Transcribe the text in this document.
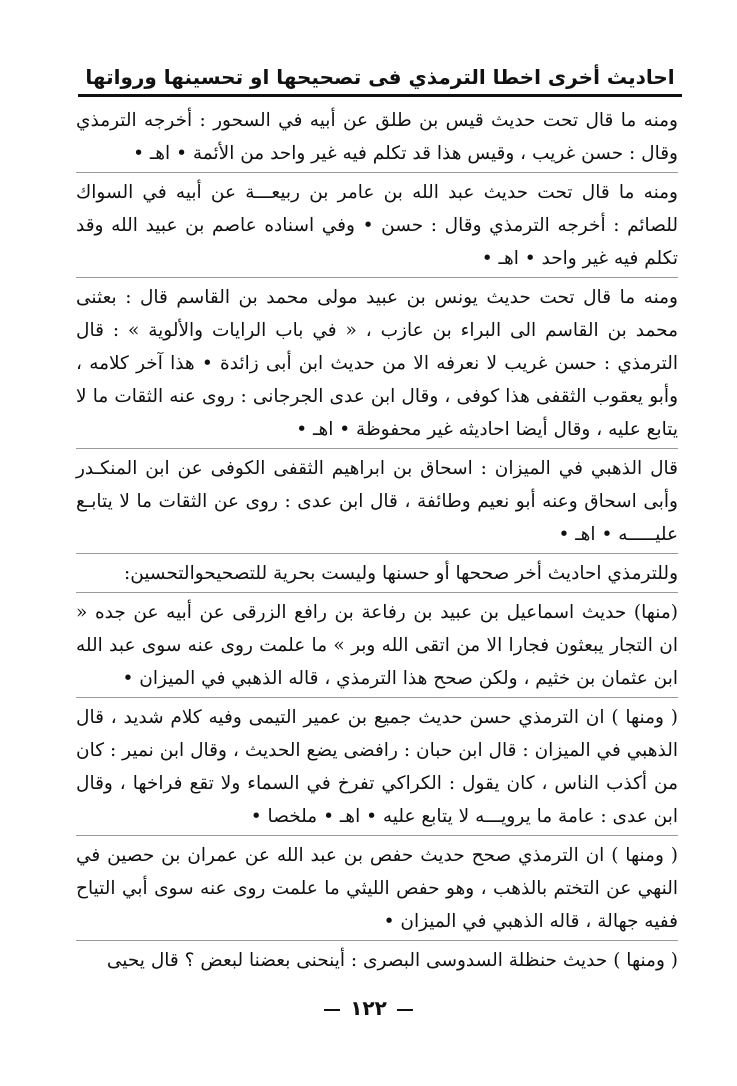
احاديث أخرى اخطا الترمذي فى تصحيحها او تحسينها ورواتها

ومنه ما قال تحت حديث قيس بن طلق عن أبيه في السحور : أخرجه الترمذي وقال : حسن غريب ، وقيس هذا قد تكلم فيه غير واحد من الأئمة • اهـ •

ومنه ما قال تحت حديث عبد الله بن عامر بن ربيعـــة عن أبيه في السواك للصائم : أخرجه الترمذي وقال : حسن • وفي اسناده عاصم بن عبيد الله وقد تكلم فيه غير واحد • اهـ •

ومنه ما قال تحت حديث يونس بن عبيد مولى محمد بن القاسم قال : بعثنى محمد بن القاسم الى البراء بن عازب ، « في باب الرايات والألوية » : قال الترمذي : حسن غريب لا نعرفه الا من حديث ابن أبى زائدة • هذا آخر كلامه ، وأبو يعقوب الثقفى هذا كوفى ، وقال ابن عدى الجرجانى : روى عنه الثقات ما لا يتابع عليه ، وقال أيضا احاديثه غير محفوظة • اهـ •

قال الذهبي في الميزان : اسحاق بن ابراهيم الثقفى الكوفى عن ابن المنكـدر وأبى اسحاق وعنه أبو نعيم وطائفة ، قال ابن عدى : روى عن الثقات ما لا يتابـع عليـــــه • اهـ •

وللترمذي احاديث أخر صححها أو حسنها وليست بحرية للتصحيحوالتحسين:

(منها) حديث اسماعيل بن عبيد بن رفاعة بن رافع الزرقى عن أبيه عن جده « ان التجار يبعثون فجارا الا من اتقى الله وبر » ما علمت روى عنه سوى عبد الله ابن عثمان بن خثيم ، ولكن صحح هذا الترمذي ، قاله الذهبي في الميزان •

( ومنها ) ان الترمذي حسن حديث جميع بن عمير التيمى وفيه كلام شديد ، قال الذهبي في الميزان : قال ابن حبان : رافضى يضع الحديث ، وقال ابن نمير : كان من أكذب الناس ، كان يقول : الكراكي تفرخ في السماء ولا تقع فراخها ، وقال ابن عدى : عامة ما يرويـــه لا يتابع عليه • اهـ • ملخصا •

( ومنها ) ان الترمذي صحح حديث حفص بن عبد الله عن عمران بن حصين في النهي عن التختم بالذهب ، وهو حفص الليثي ما علمت روى عنه سوى أبي التياح ففيه جهالة ، قاله الذهبي في الميزان •

( ومنها ) حديث حنظلة السدوسى البصرى : أينحنى بعضنا لبعض ؟ قال يحيى

١٢٢
